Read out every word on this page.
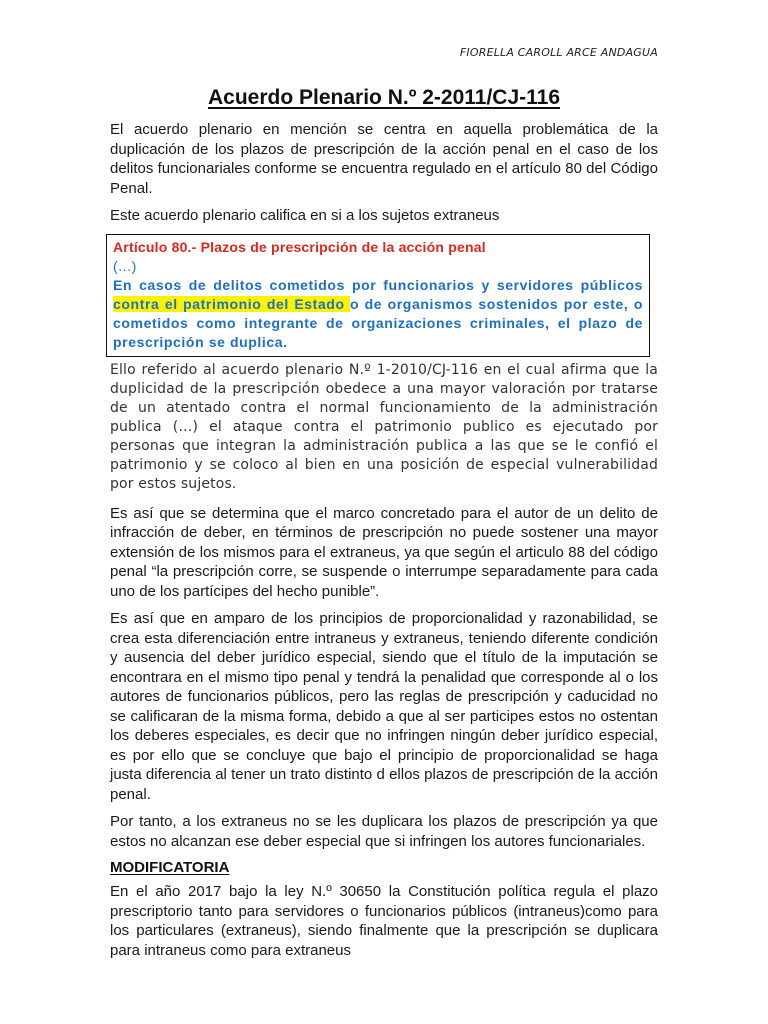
FIORELLA CAROLL ARCE ANDAGUA
Acuerdo Plenario N.º 2-2011/CJ-116

El acuerdo plenario en mención se centra en aquella problemática de la duplicación de los plazos de prescripción de la acción penal en el caso de los delitos funcionariales conforme se encuentra regulado en el artículo 80 del Código Penal.

Este acuerdo plenario califica en si a los sujetos extraneus

Artículo 80.- Plazos de prescripción de la acción penal
(…)
En casos de delitos cometidos por funcionarios y servidores públicos contra el patrimonio del Estado o de organismos sostenidos por este, o cometidos como integrante de organizaciones criminales, el plazo de prescripción se duplica.

Ello referido al acuerdo plenario N.º 1-2010/CJ-116 en el cual afirma que la duplicidad de la prescripción obedece a una mayor valoración por tratarse de un atentado contra el normal funcionamiento de la administración publica (…) el ataque contra el patrimonio publico es ejecutado por personas que integran la administración publica a las que se le confió el patrimonio y se coloco al bien en una posición de especial vulnerabilidad por estos sujetos.

Es así que se determina que el marco concretado para el autor de un delito de infracción de deber, en términos de prescripción no puede sostener una mayor extensión de los mismos para el extraneus, ya que según el articulo 88 del código penal “la prescripción corre, se suspende o interrumpe separadamente para cada uno de los partícipes del hecho punible”.

Es así que en amparo de los principios de proporcionalidad y razonabilidad, se crea esta diferenciación entre intraneus y extraneus, teniendo diferente condición y ausencia del deber jurídico especial, siendo que el título de la imputación se encontrara en el mismo tipo penal y tendrá la penalidad que corresponde al o los autores de funcionarios públicos, pero las reglas de prescripción y caducidad no se calificaran de la misma forma, debido a que al ser participes estos no ostentan los deberes especiales, es decir que no infringen ningún deber jurídico especial, es por ello que se concluye que bajo el principio de proporcionalidad se haga justa diferencia al tener un trato distinto d ellos plazos de prescripción de la acción penal.

Por tanto, a los extraneus no se les duplicara los plazos de prescripción ya que estos no alcanzan ese deber especial que si infringen los autores funcionariales.

MODIFICATORIA

En el año 2017 bajo la ley N.º 30650 la Constitución política regula el plazo prescriptorio tanto para servidores o funcionarios públicos (intraneus)como para los particulares (extraneus), siendo finalmente que la prescripción se duplicara para intraneus como para extraneus
